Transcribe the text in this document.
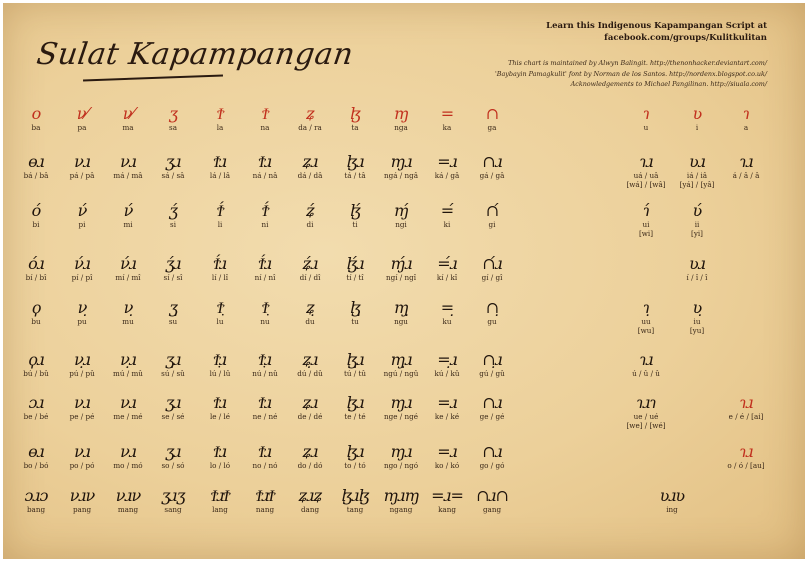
Sulat Kapampangan
Learn this Indigenous Kapampangan Script at
facebook.com/groups/Kulitkulitan
This chart is maintained by Alwyn Balingit. http://thenonhacker.deviantart.com/
'Baybayin Pamagkulit' font by Norman de los Santos. http://nordenx.blogspot.co.uk/
Acknowledgements to Michael Pangilinan. http://siuala.com/
ο
ba
ν⁄
pa
ν⁄
ma
ʒ
sa
Ϯ
la
Ϯ
na
ʑ
da / ra
ɮ
ta
ɱ
nga
=
ka
∩
ga
ɵɹ
bá / bâ
νɹ
pá / pâ
νɹ
má / mâ
ʒɹ
sá / sâ
Ϯɹ
lá / lâ
Ϯɹ
ná / nâ
ʑɹ
dá / dâ
ɮɹ
tá / tâ
ɱɹ
ngá / ngâ
=ɹ
ká / gâ
∩ɹ
gá / gâ
ό
bi
ν́
pi
ν́
mi
ʒ́
si
Ϯ́
li
Ϯ́
ni
ʑ́
di
ɮ́
ti
ɱ́
ngi
=́
ki
∩́
gi
όɹ
bí / bî
ν́ɹ
pí / pî
ν́ɹ
mí / mî
ʒ́ɹ
sí / sî
Ϯ́ɹ
lí / lî
Ϯ́ɹ
ní / nî
ʑ́ɹ
dí / dî
ɮ́ɹ
tí / tî
ɱ́ɹ
ngí / ngî
=́ɹ
kí / kî
∩́ɹ
gí / gî
ϙ
bu
ν̣
pu
ν̣
mu
ʒ̣
su
Ϯ̣
lu
Ϯ̣
nu
ʑ̣
du
ɮ̣
tu
ɱ̣
ngu
=̣
ku
∩̣
gu
ϙɹ
bú / bû
ν̣ɹ
pú / pû
ν̣ɹ
mú / mû
ʒ̣ɹ
sú / sû
Ϯ̣ɹ
lú / lû
Ϯ̣ɹ
nú / nû
ʑ̣ɹ
dú / dû
ɮ̣ɹ
tú / tû
ɱ̣ɹ
ngú / ngû
=̣ɹ
kú / kû
∩̣ɹ
gú / gû
ɔɹ
be / bé
νɹ
pe / pé
νɹ
me / mé
ʒɹ
se / sé
Ϯɹ
le / lé
Ϯɹ
ne / né
ʑɹ
de / dé
ɮɹ
te / té
ɱɹ
nge / ngé
=ɹ
ke / ké
∩ɹ
ge / gé
ɵɹ
bo / bó
νɹ
po / pó
νɹ
mo / mó
ʒɹ
so / só
Ϯɹ
lo / ló
Ϯɹ
no / nó
ʑɹ
do / dó
ɮɹ
to / tó
ɱɹ
ngo / ngó
=ɹ
ko / kó
∩ɹ
go / gó
ɔɹɔ
bang
νɹν
pang
νɹν
mang
ʒɹʒ
sang
ϮɹϮ
lang
ϮɹϮ
nang
ʑɹʑ
dang
ɮɹɮ
tang
ɱɹɱ
ngang
=ɹ=
kang
∩ɹ∩
gang
ɿ
u
ʋ
i
ɿ
a
ɿɹ
uá / uâ
[wá] / [wâ]
ʋɹ
iá / iâ
[yá] / [yâ]
ɿɹ
á / â / â
ɿ́
ui
[wi]
ʋ́
ii
[yi]
ʋɹ
í / î / î
ɿ̣
uu
[wu]
ʋ̣
iu
[yu]
ɿɹ
ú / û / û
ɿɹɿ
ue / ué
[we] / [wé]
ɿɹ
e / é / [ai]
ɿɹ
o / ó / [au]
ʋɹʋ
ing
